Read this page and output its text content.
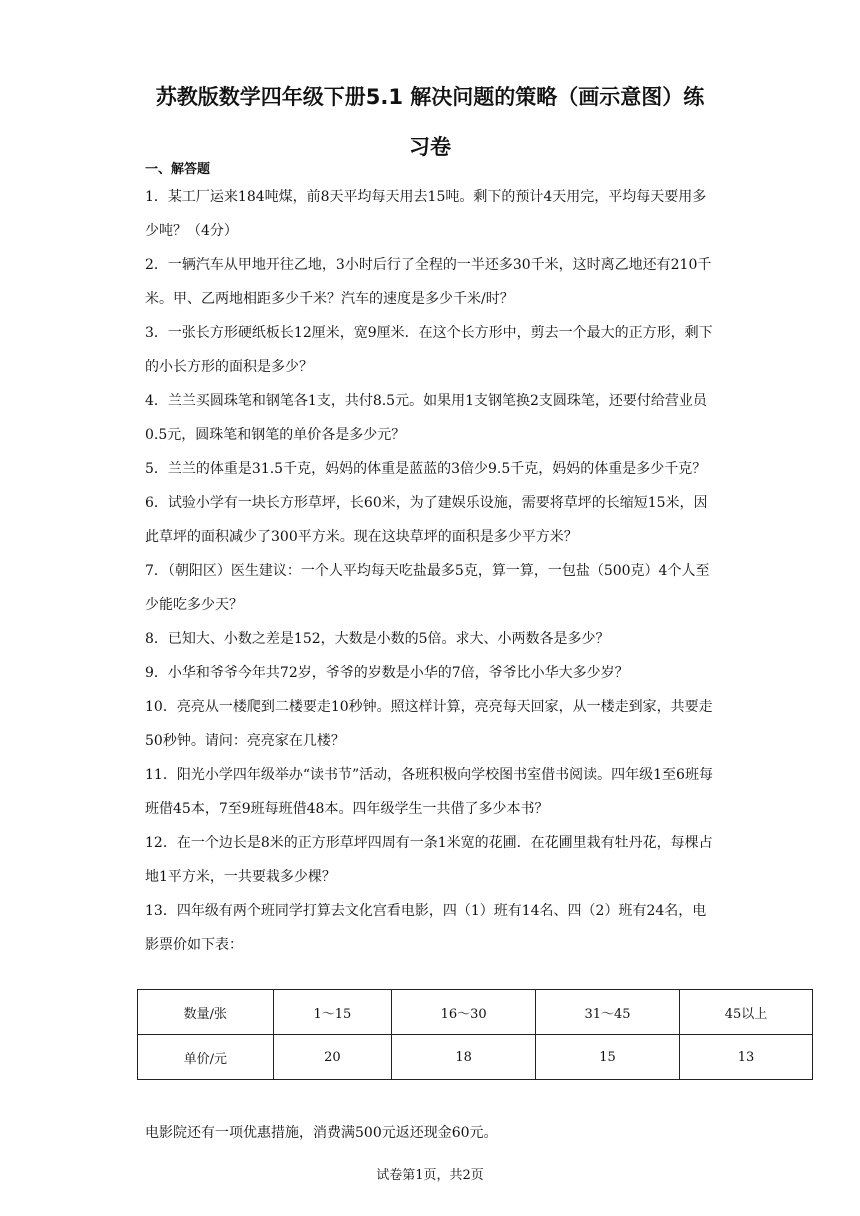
苏教版数学四年级下册5.1 解决问题的策略（画示意图）练
习卷
一、解答题

1．某工厂运来184吨煤，前8天平均每天用去15吨。剩下的预计4天用完，平均每天要用多少吨？（4分）

2．一辆汽车从甲地开往乙地，3小时后行了全程的一半还多30千米，这时离乙地还有210千米。甲、乙两地相距多少千米？汽车的速度是多少千米/时？

3．一张长方形硬纸板长12厘米，宽9厘米．在这个长方形中，剪去一个最大的正方形，剩下的小长方形的面积是多少？

4．兰兰买圆珠笔和钢笔各1支，共付8.5元。如果用1支钢笔换2支圆珠笔，还要付给营业员0.5元，圆珠笔和钢笔的单价各是多少元？

5．兰兰的体重是31.5千克，妈妈的体重是蓝蓝的3倍少9.5千克，妈妈的体重是多少千克？

6．试验小学有一块长方形草坪，长60米，为了建娱乐设施，需要将草坪的长缩短15米，因此草坪的面积减少了300平方米。现在这块草坪的面积是多少平方米？

7．（朝阳区）医生建议：一个人平均每天吃盐最多5克，算一算，一包盐（500克）4个人至少能吃多少天？

8．已知大、小数之差是152，大数是小数的5倍。求大、小两数各是多少？

9．小华和爷爷今年共72岁，爷爷的岁数是小华的7倍，爷爷比小华大多少岁？

10．亮亮从一楼爬到二楼要走10秒钟。照这样计算，亮亮每天回家，从一楼走到家，共要走50秒钟。请问：亮亮家在几楼？

11．阳光小学四年级举办“读书节”活动，各班积极向学校图书室借书阅读。四年级1至6班每班借45本，7至9班每班借48本。四年级学生一共借了多少本书？

12．在一个边长是8米的正方形草坪四周有一条1米宽的花圃．在花圃里栽有牡丹花，每棵占地1平方米，一共要栽多少棵？

13．四年级有两个班同学打算去文化宫看电影，四（1）班有14名、四（2）班有24名，电影票价如下表：

数量/张	1～15	16～30	31～45	45以上
单价/元	20	18	15	13
电影院还有一项优惠措施，消费满500元返还现金60元。
试卷第1页，共2页
